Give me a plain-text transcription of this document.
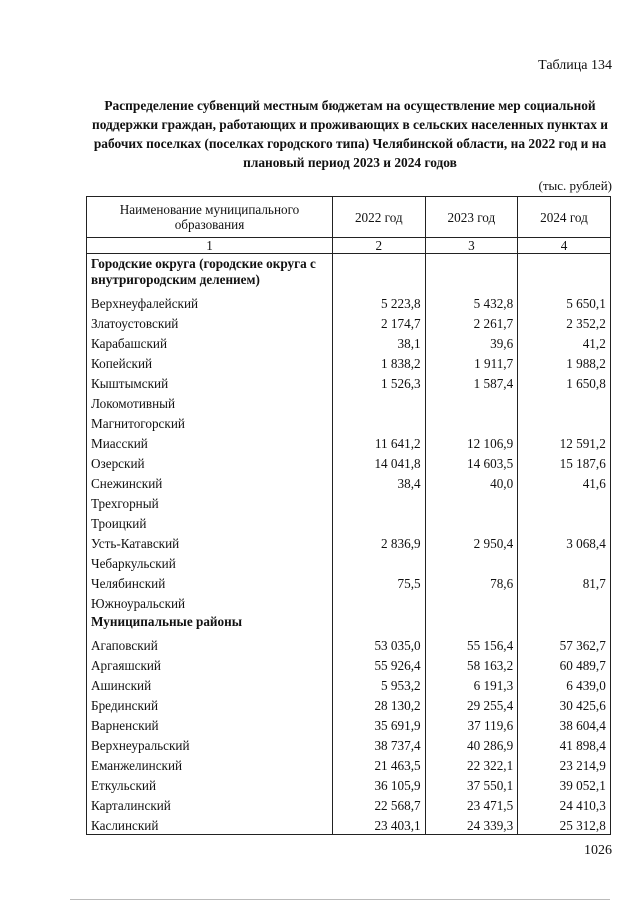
Таблица 134
Распределение субвенций местным бюджетам на осуществление мер социальной поддержки граждан, работающих и проживающих в сельских населенных пунктах и рабочих поселках (поселках городского типа) Челябинской области, на 2022 год и на плановый период 2023 и 2024 годов
(тыс. рублей)
Наименование муниципального образования	2022 год	2023 год	2024 год
1	2	3	4
Городские округа (городские округа с внутригородским делением)			
Верхнеуфалейский	5 223,8	5 432,8	5 650,1
Златоустовский	2 174,7	2 261,7	2 352,2
Карабашский	38,1	39,6	41,2
Копейский	1 838,2	1 911,7	1 988,2
Кыштымский	1 526,3	1 587,4	1 650,8
Локомотивный			
Магнитогорский			
Миасский	11 641,2	12 106,9	12 591,2
Озерский	14 041,8	14 603,5	15 187,6
Снежинский	38,4	40,0	41,6
Трехгорный			
Троицкий			
Усть-Катавский	2 836,9	2 950,4	3 068,4
Чебаркульский			
Челябинский	75,5	78,6	81,7
Южноуральский			
Муниципальные районы			
Агаповский	53 035,0	55 156,4	57 362,7
Аргаяшский	55 926,4	58 163,2	60 489,7
Ашинский	5 953,2	6 191,3	6 439,0
Брединский	28 130,2	29 255,4	30 425,6
Варненский	35 691,9	37 119,6	38 604,4
Верхнеуральский	38 737,4	40 286,9	41 898,4
Еманжелинский	21 463,5	22 322,1	23 214,9
Еткульский	36 105,9	37 550,1	39 052,1
Карталинский	22 568,7	23 471,5	24 410,3
Каслинский	23 403,1	24 339,3	25 312,8
1026
